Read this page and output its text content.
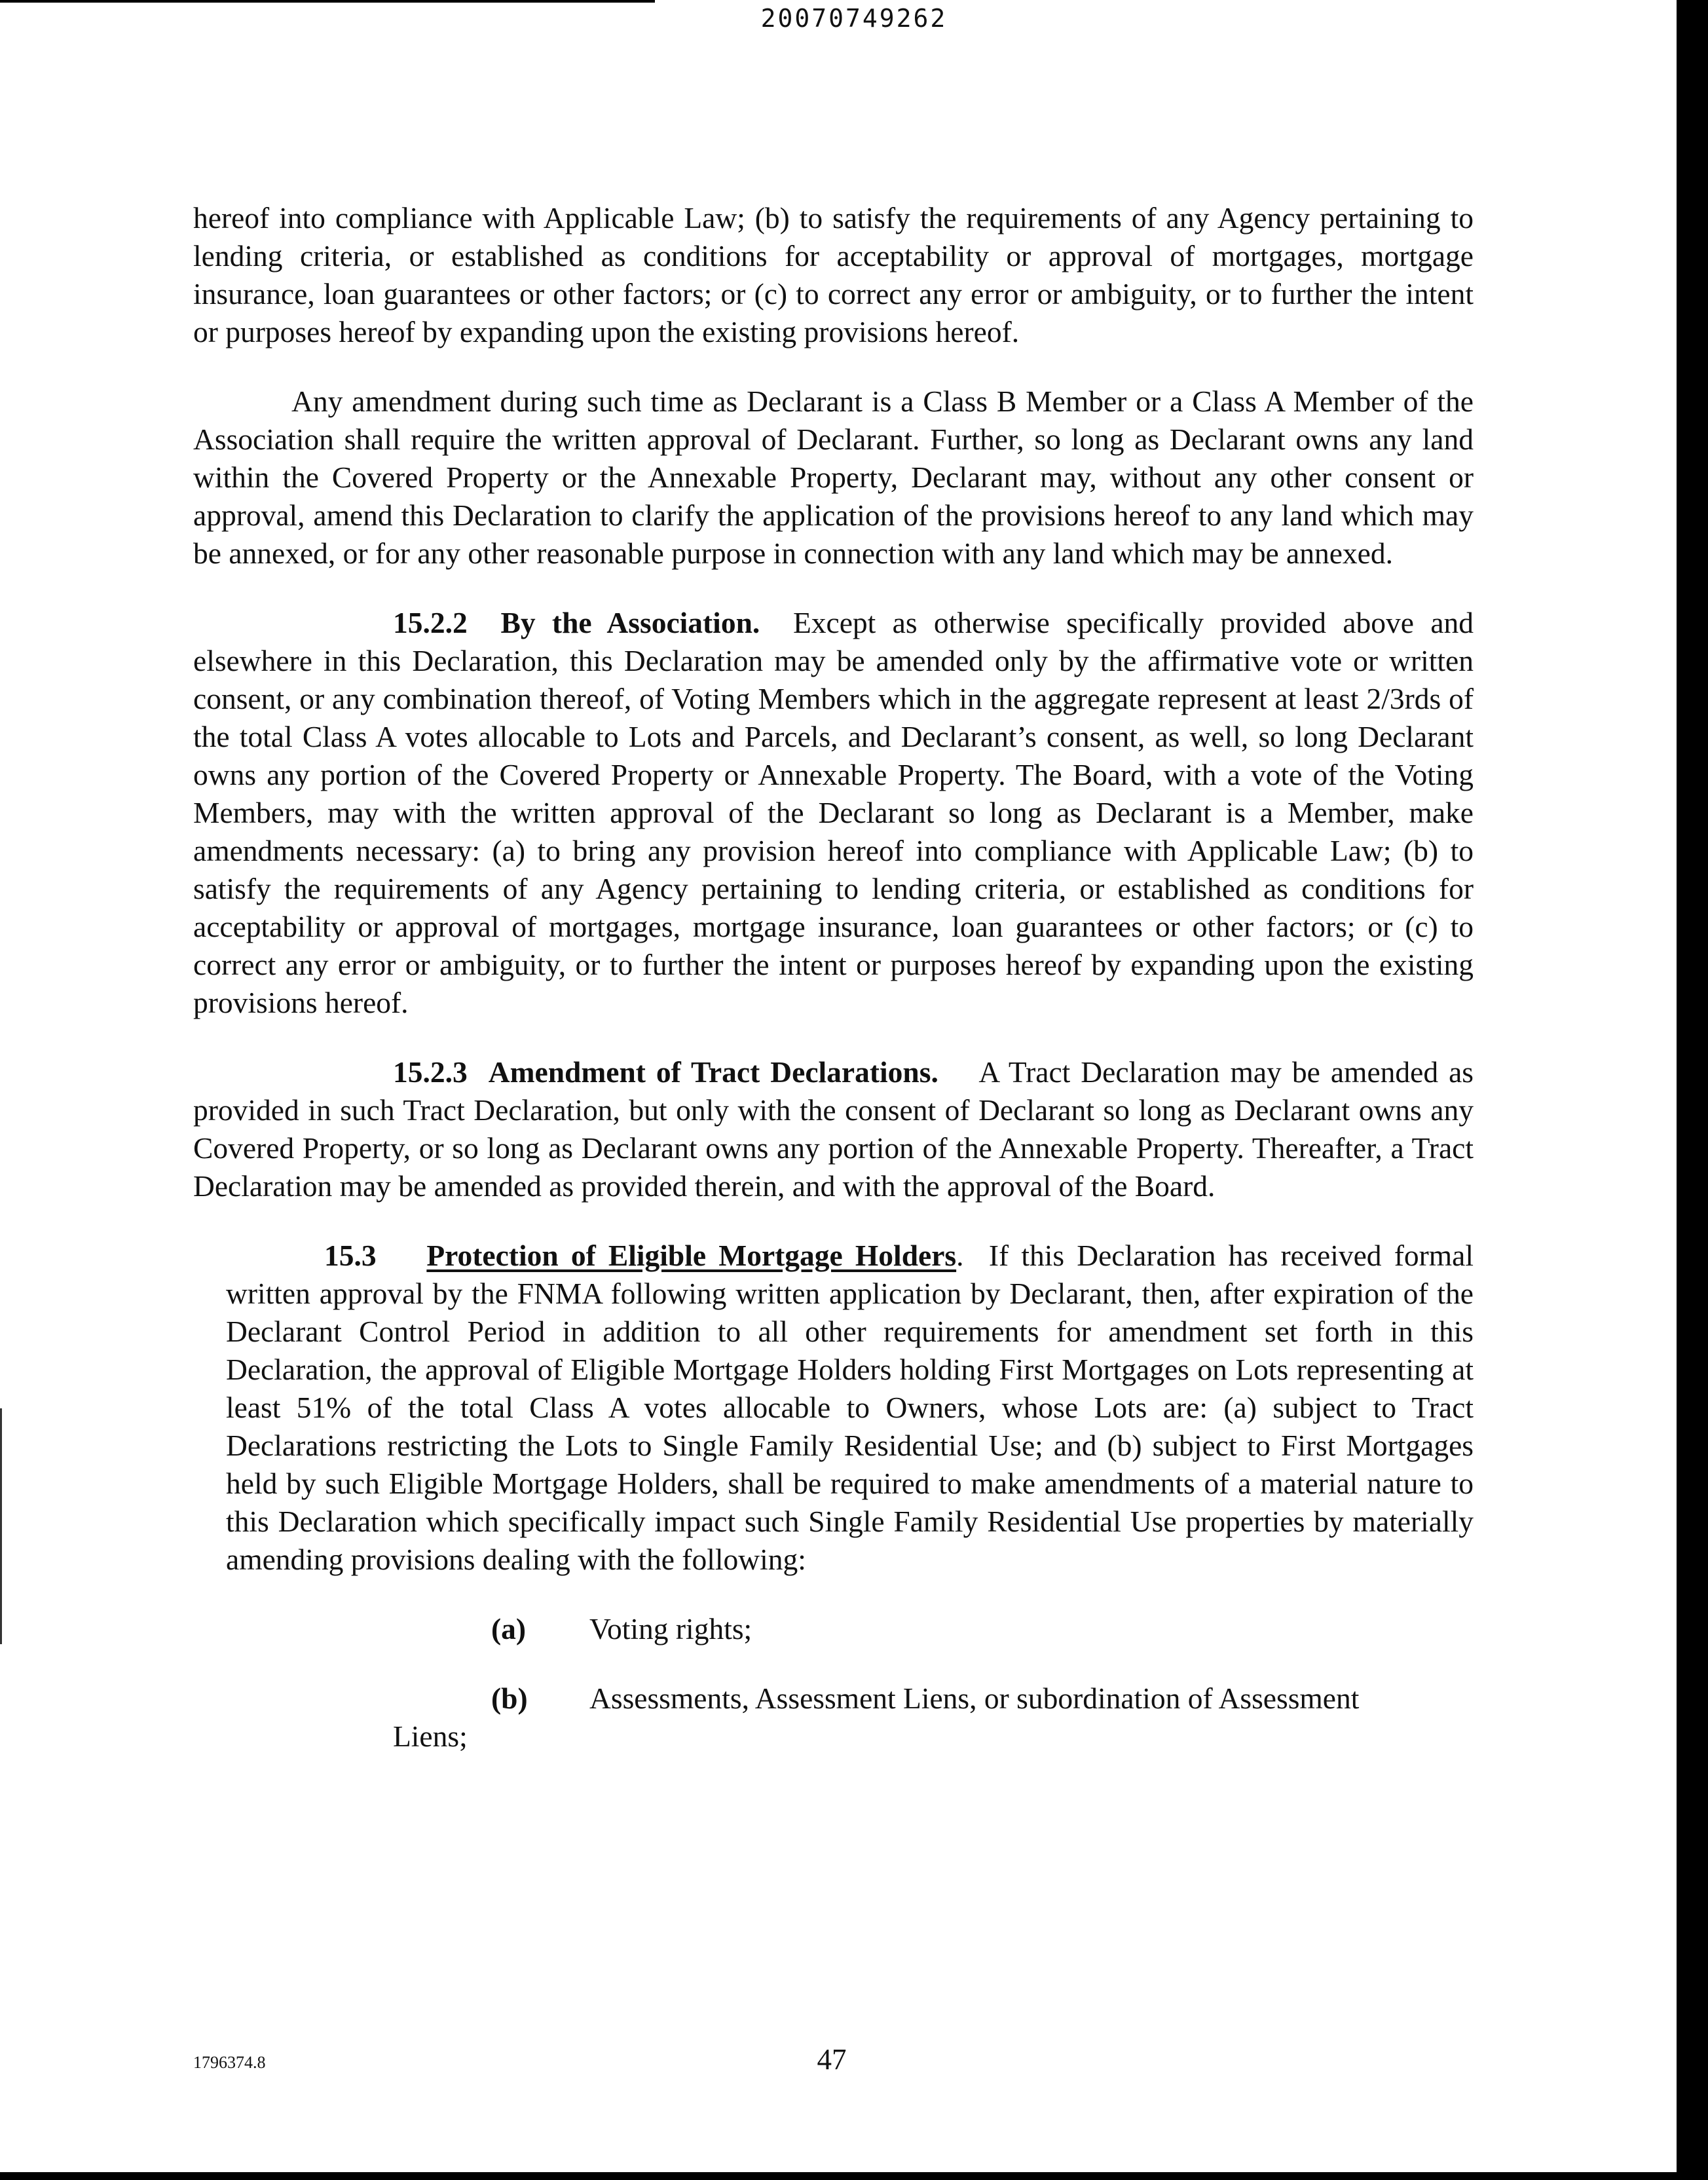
20070749262

hereof into compliance with Applicable Law; (b) to satisfy the requirements of any Agency pertaining to lending criteria, or established as conditions for acceptability or approval of mortgages, mortgage insurance, loan guarantees or other factors; or (c) to correct any error or ambiguity, or to further the intent or purposes hereof by expanding upon the existing provisions hereof.

Any amendment during such time as Declarant is a Class B Member or a Class A Member of the Association shall require the written approval of Declarant. Further, so long as Declarant owns any land within the Covered Property or the Annexable Property, Declarant may, without any other consent or approval, amend this Declaration to clarify the application of the provisions hereof to any land which may be annexed, or for any other reasonable purpose in connection with any land which may be annexed.

15.2.2 By the Association. Except as otherwise specifically provided above and elsewhere in this Declaration, this Declaration may be amended only by the affirmative vote or written consent, or any combination thereof, of Voting Members which in the aggregate represent at least 2/3rds of the total Class A votes allocable to Lots and Parcels, and Declarant’s consent, as well, so long Declarant owns any portion of the Covered Property or Annexable Property. The Board, with a vote of the Voting Members, may with the written approval of the Declarant so long as Declarant is a Member, make amendments necessary: (a) to bring any provision hereof into compliance with Applicable Law; (b) to satisfy the requirements of any Agency pertaining to lending criteria, or established as conditions for acceptability or approval of mortgages, mortgage insurance, loan guarantees or other factors; or (c) to correct any error or ambiguity, or to further the intent or purposes hereof by expanding upon the existing provisions hereof.

15.2.3 Amendment of Tract Declarations. A Tract Declaration may be amended as provided in such Tract Declaration, but only with the consent of Declarant so long as Declarant owns any Covered Property, or so long as Declarant owns any portion of the Annexable Property. Thereafter, a Tract Declaration may be amended as provided therein, and with the approval of the Board.

15.3 Protection of Eligible Mortgage Holders.  If this Declaration has received formal written approval by the FNMA following written application by Declarant, then, after expiration of the Declarant Control Period in addition to all other requirements for amendment set forth in this Declaration, the approval of Eligible Mortgage Holders holding First Mortgages on Lots representing at least 51% of the total Class A votes allocable to Owners, whose Lots are: (a) subject to Tract Declarations restricting the Lots to Single Family Residential Use; and (b) subject to First Mortgages held by such Eligible Mortgage Holders, shall be required to make amendments of a material nature to this Declaration which specifically impact such Single Family Residential Use properties by materially amending provisions dealing with the following:

(a)	Voting rights;
(b)	Assessments, Assessment Liens, or subordination of Assessment
Liens;
1796374.8	47
